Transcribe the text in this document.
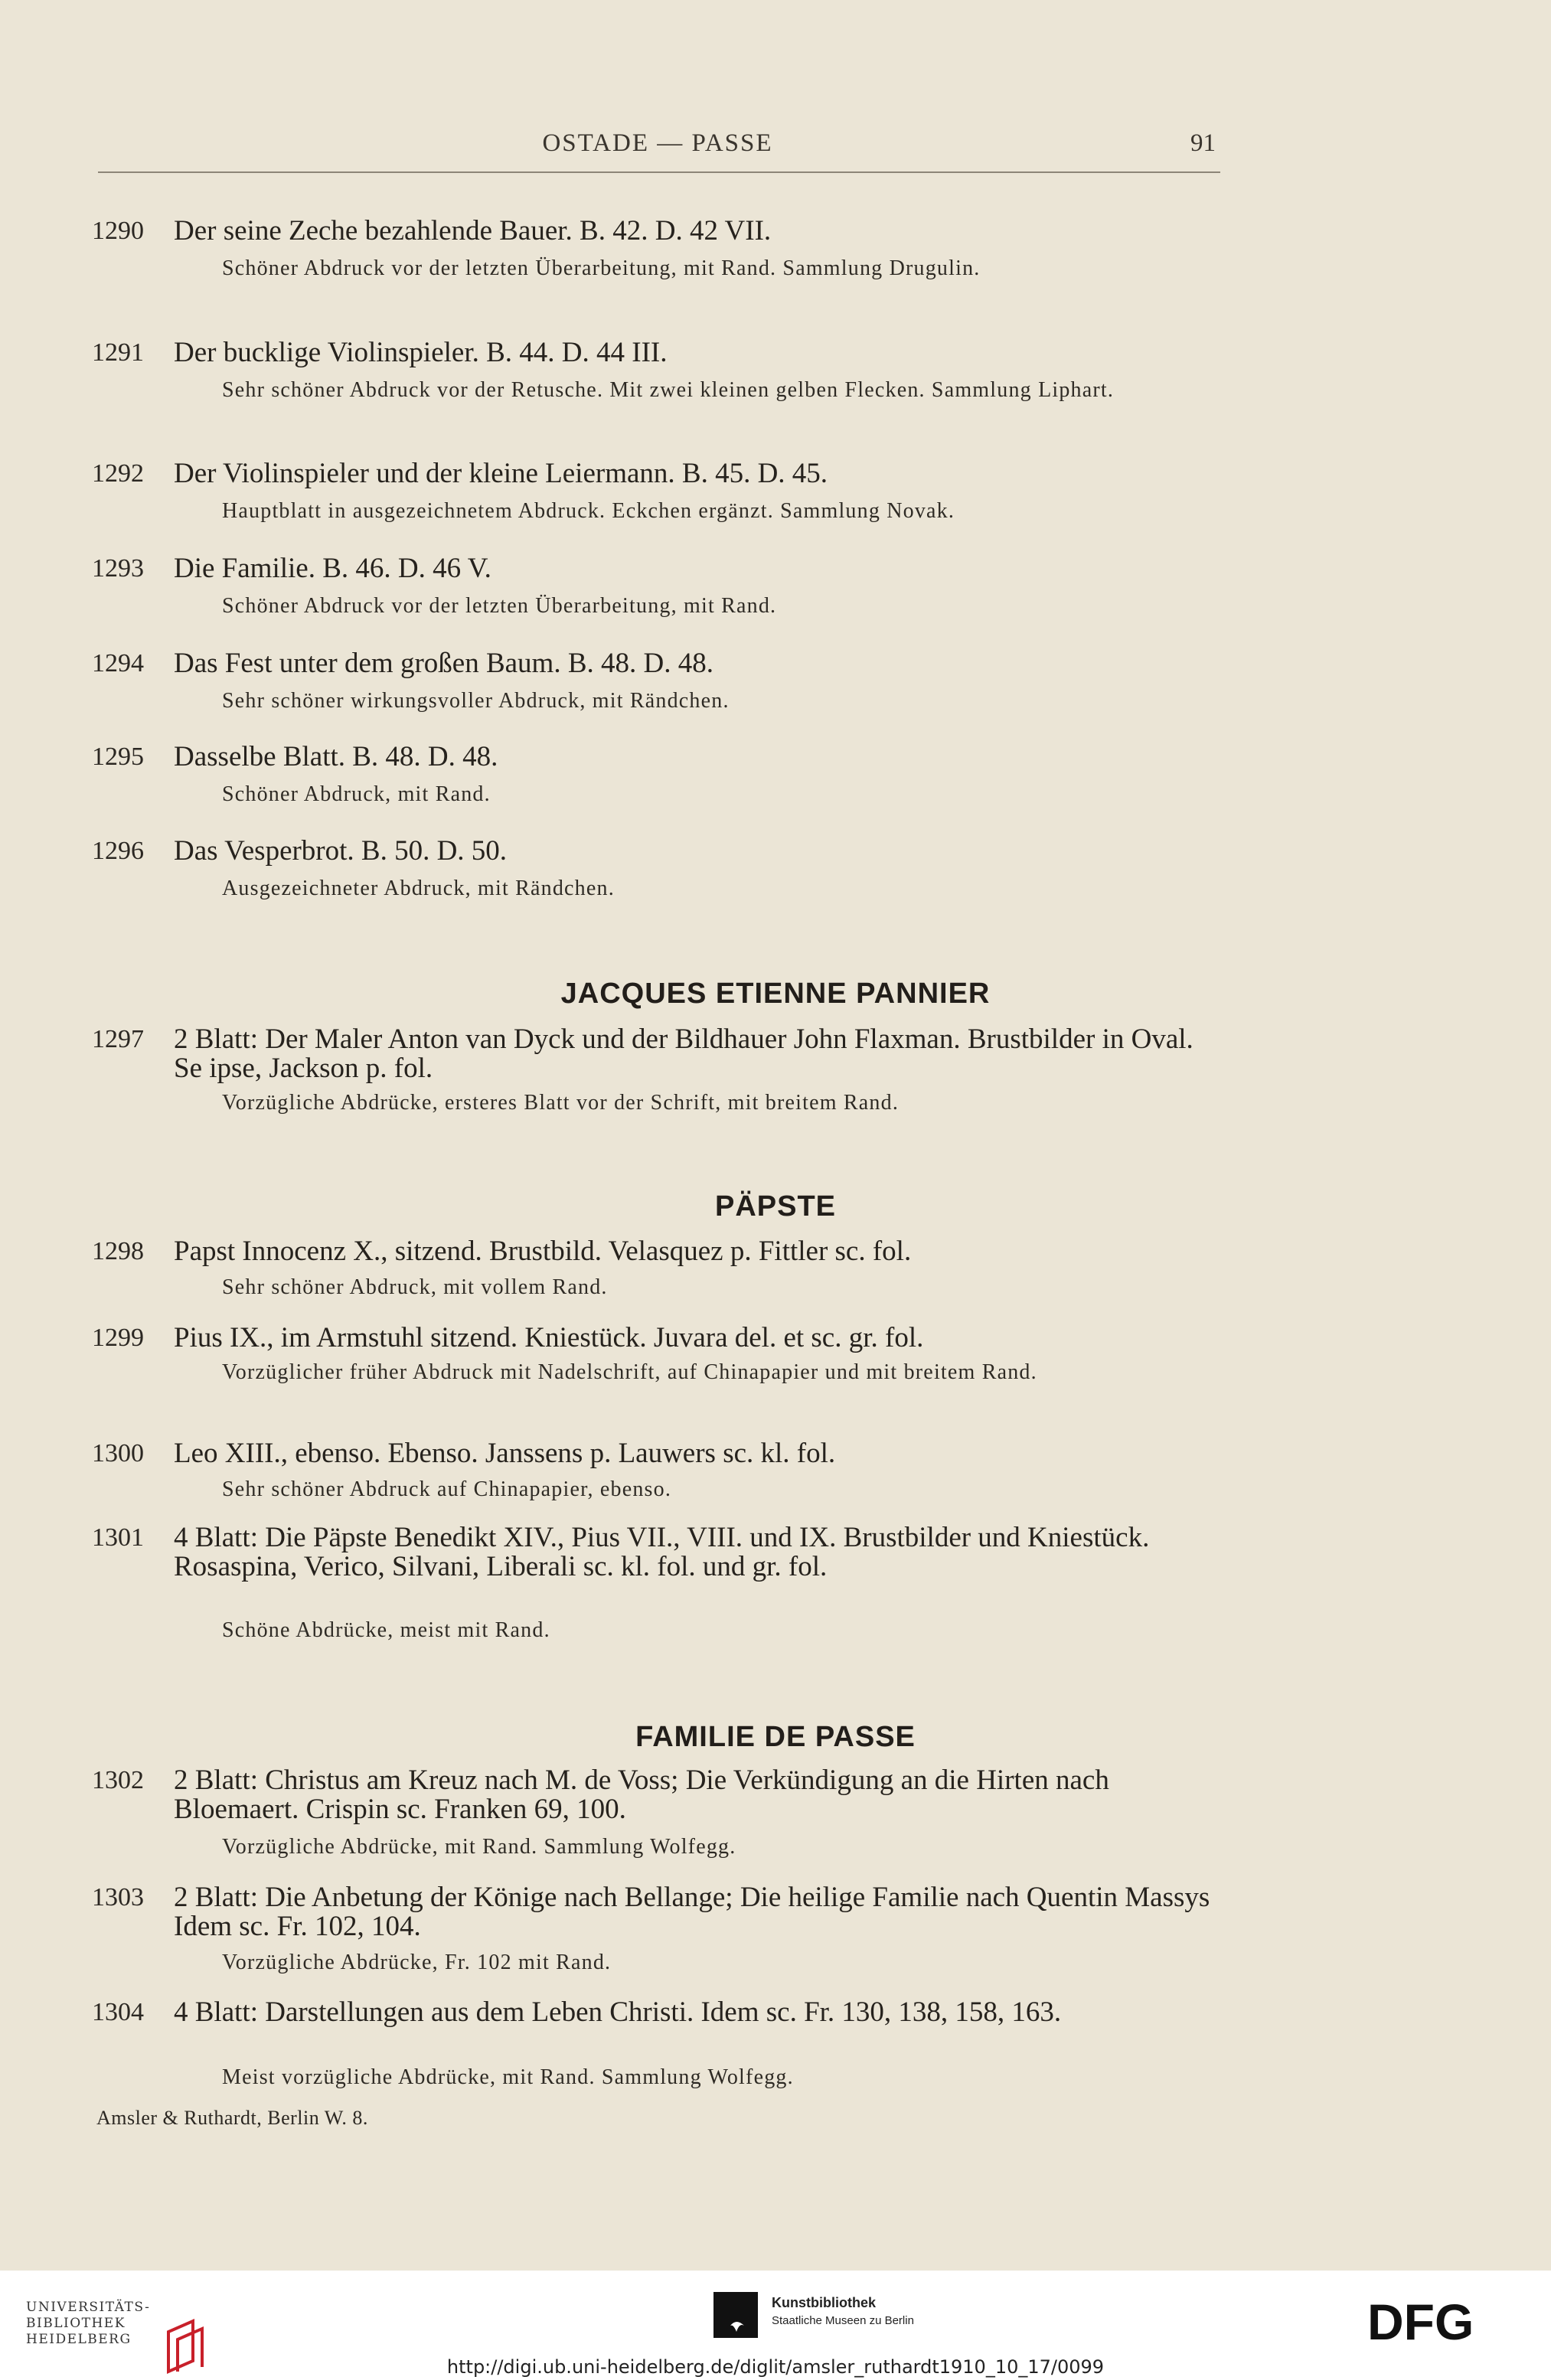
OSTADE — PASSE	91
1290 Der seine Zeche bezahlende Bauer. B. 42. D. 42 VII.
Schöner Abdruck vor der letzten Überarbeitung, mit Rand. Sammlung Drugulin.
1291 Der bucklige Violinspieler. B. 44. D. 44 III.
Sehr schöner Abdruck vor der Retusche. Mit zwei kleinen gelben Flecken. Sammlung Liphart.
1292 Der Violinspieler und der kleine Leiermann. B. 45. D. 45.
Hauptblatt in ausgezeichnetem Abdruck. Eckchen ergänzt. Sammlung Novak.
1293 Die Familie. B. 46. D. 46 V.
Schöner Abdruck vor der letzten Überarbeitung, mit Rand.
1294 Das Fest unter dem großen Baum. B. 48. D. 48.
Sehr schöner wirkungsvoller Abdruck, mit Rändchen.
1295 Dasselbe Blatt. B. 48. D. 48.
Schöner Abdruck, mit Rand.
1296 Das Vesperbrot. B. 50. D. 50.
Ausgezeichneter Abdruck, mit Rändchen.
JACQUES ETIENNE PANNIER
1297 2 Blatt: Der Maler Anton van Dyck und der Bildhauer John Flaxman. Brustbilder in Oval. Se ipse, Jackson p. fol.
Vorzügliche Abdrücke, ersteres Blatt vor der Schrift, mit breitem Rand.
PÄPSTE
1298 Papst Innocenz X., sitzend. Brustbild. Velasquez p. Fittler sc. fol.
Sehr schöner Abdruck, mit vollem Rand.
1299 Pius IX., im Armstuhl sitzend. Kniestück. Juvara del. et sc. gr. fol.
Vorzüglicher früher Abdruck mit Nadelschrift, auf Chinapapier und mit breitem Rand.
1300 Leo XIII., ebenso. Ebenso. Janssens p. Lauwers sc. kl. fol.
Sehr schöner Abdruck auf Chinapapier, ebenso.
1301 4 Blatt: Die Päpste Benedikt XIV., Pius VII., VIII. und IX. Brustbilder und Kniestück. Rosaspina, Verico, Silvani, Liberali sc. kl. fol. und gr. fol.
Schöne Abdrücke, meist mit Rand.
FAMILIE DE PASSE
1302 2 Blatt: Christus am Kreuz nach M. de Voss; Die Verkündigung an die Hirten nach Bloemaert. Crispin sc. Franken 69, 100.
Vorzügliche Abdrücke, mit Rand. Sammlung Wolfegg.
1303 2 Blatt: Die Anbetung der Könige nach Bellange; Die heilige Familie nach Quentin Massys Idem sc. Fr. 102, 104.
Vorzügliche Abdrücke, Fr. 102 mit Rand.
1304 4 Blatt: Darstellungen aus dem Leben Christi. Idem sc. Fr. 130, 138, 158, 163.
Meist vorzügliche Abdrücke, mit Rand. Sammlung Wolfegg.
Amsler & Ruthardt, Berlin W. 8.
UNIVERSITÄTS-
BIBLIOTHEK
HEIDELBERG
Kunstbibliothek
Staatliche Museen zu Berlin	DFG
http://digi.ub.uni-heidelberg.de/diglit/amsler_ruthardt1910_10_17/0099
